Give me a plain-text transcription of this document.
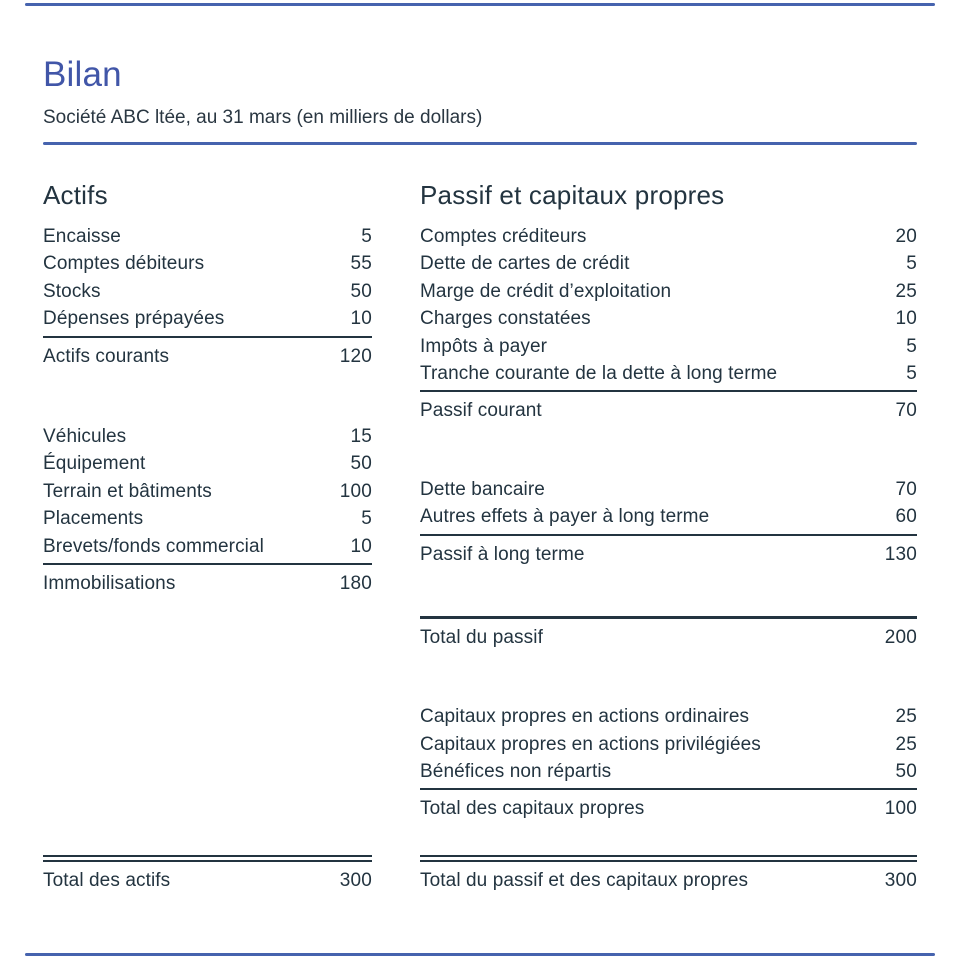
Bilan

Société ABC ltée, au 31 mars (en milliers de dollars)

Actifs
Encaisse	5
Comptes débiteurs	55
Stocks	50
Dépenses prépayées	10
Actifs courants	120
Véhicules	15
Équipement	50
Terrain et bâtiments	100
Placements	5
Brevets/fonds commercial	10
Immobilisations	180
Total des actifs	300
Passif et capitaux propres
Comptes créditeurs	20
Dette de cartes de crédit	5
Marge de crédit d’exploitation	25
Charges constatées	10
Impôts à payer	5
Tranche courante de la dette à long terme	5
Passif courant	70
Dette bancaire	70
Autres effets à payer à long terme	60
Passif à long terme	130
Total du passif	200
Capitaux propres en actions ordinaires	25
Capitaux propres en actions privilégiées	25
Bénéfices non répartis	50
Total des capitaux propres	100
Total du passif et des capitaux propres	300
